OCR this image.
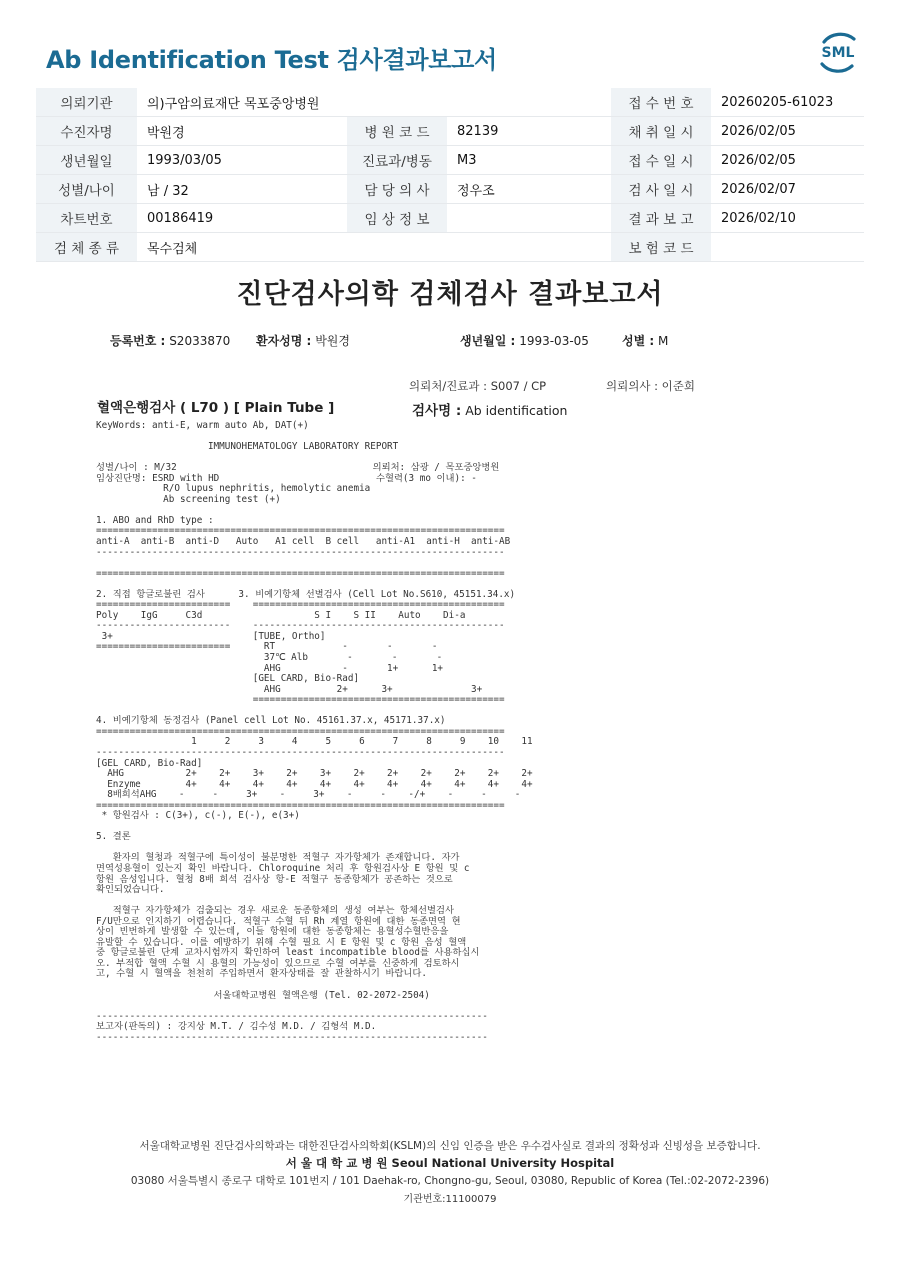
Ab Identification Test 검사결과보고서	SML
의뢰기관	의)구암의료재단 목포중앙병원			접 수 번 호	20260205-61023
수진자명	박원경	병 원 코 드	82139	채 취 일 시	2026/02/05
생년월일	1993/03/05	진료과/병동	M3	접 수 일 시	2026/02/05
성별/나이	남 / 32	담 당 의 사	정우조	검 사 일 시	2026/02/07
차트번호	00186419	임 상 정 보		결 과 보 고	2026/02/10
검 체 종 류	목수검체			보 험 코 드	
진단검사의학 검체검사 결과보고서
등록번호 : S2033870 환자성명 : 박원경	생년월일 : 1993-03-05	성별 : M
의뢰처/진료과 : S007 / CP	의뢰의사 : 이준희
혈액은행검사 ( L70 ) [ Plain Tube ]	검사명 : Ab identification
KeyWords: anti-E, warm auto Ab, DAT(+)

IMMUNOHEMATOLOGY LABORATORY REPORT

성별/나이 : M/32                                   의뢰처: 삼광 / 목포중앙병원
임상진단명: ESRD with HD                            수혈력(3 mo 이내): -
R/O lupus nephritis, hemolytic anemia
Ab screening test (+)

1. ABO and RhD type :
=========================================================================
anti-A  anti-B  anti-D   Auto   A1 cell  B cell   anti-A1  anti-H  anti-AB
-------------------------------------------------------------------------

=========================================================================

2. 직접 항글로불린 검사      3. 비예기항체 선별검사 (Cell Lot No.S610, 45151.34.x)
========================    =============================================
Poly    IgG     C3d                    S I    S II    Auto    Di-a
------------------------    ---------------------------------------------
3+                         [TUBE, Ortho]
========================      RT            -       -       -
37℃ Alb       -       -       -
AHG           -       1+      1+
[GEL CARD, Bio-Rad]
AHG          2+      3+              3+
=============================================

4. 비예기항체 동정검사 (Panel cell Lot No. 45161.37.x, 45171.37.x)
=========================================================================
1     2     3     4     5     6     7     8     9    10    11
-------------------------------------------------------------------------
[GEL CARD, Bio-Rad]
AHG           2+    2+    3+    2+    3+    2+    2+    2+    2+    2+    2+
Enzyme        4+    4+    4+    4+    4+    4+    4+    4+    4+    4+    4+
8배희석AHG    -     -     3+    -     3+    -     -    -/+    -     -     -
=========================================================================
* 항원검사 : C(3+), c(-), E(-), e(3+)

5. 결론

환자의 혈청과 적혈구에 특이성이 불분명한 적혈구 자가항체가 존재합니다. 자가
면역성용혈이 있는지 확인 바랍니다. Chloroquine 처리 후 항원검사상 E 항원 및 c
항원 음성입니다. 혈청 8배 희석 검사상 항-E 적혈구 동종항체가 공존하는 것으로
확인되었습니다.

적혈구 자가항체가 검출되는 경우 새로운 동종항체의 생성 여부는 항체선별검사
F/U만으로 인지하기 어렵습니다. 적혈구 수혈 뒤 Rh 계열 항원에 대한 동종면역 현
상이 빈번하게 발생할 수 있는데, 이들 항원에 대한 동종항체는 용혈성수혈반응을
유발할 수 있습니다. 이를 예방하기 위해 수혈 필요 시 E 항원 및 c 항원 음성 혈액
중 항글로불린 단계 교차시험까지 확인하여 least incompatible blood를 사용하십시
오. 부적합 혈액 수혈 시 용혈의 가능성이 있으므로 수혈 여부를 신중하게 검토하시
고, 수혈 시 혈액을 천천히 주입하면서 환자상태를 잘 관찰하시기 바랍니다.

서울대학교병원 혈액은행 (Tel. 02-2072-2504)

----------------------------------------------------------------------
보고자(판독의) : 강지상 M.T. / 김수성 M.D. / 김형석 M.D.
----------------------------------------------------------------------
서울대학교병원 진단검사의학과는 대한진단검사의학회(KSLM)의 신임 인증을 받은 우수검사실로 결과의 정확성과 신빙성을 보증합니다.
서 울 대 학 교 병 원 Seoul National University Hospital
03080 서울특별시 종로구 대학로 101번지 / 101 Daehak-ro, Chongno-gu, Seoul, 03080, Republic of Korea (Tel.:02-2072-2396)
기관번호:11100079
